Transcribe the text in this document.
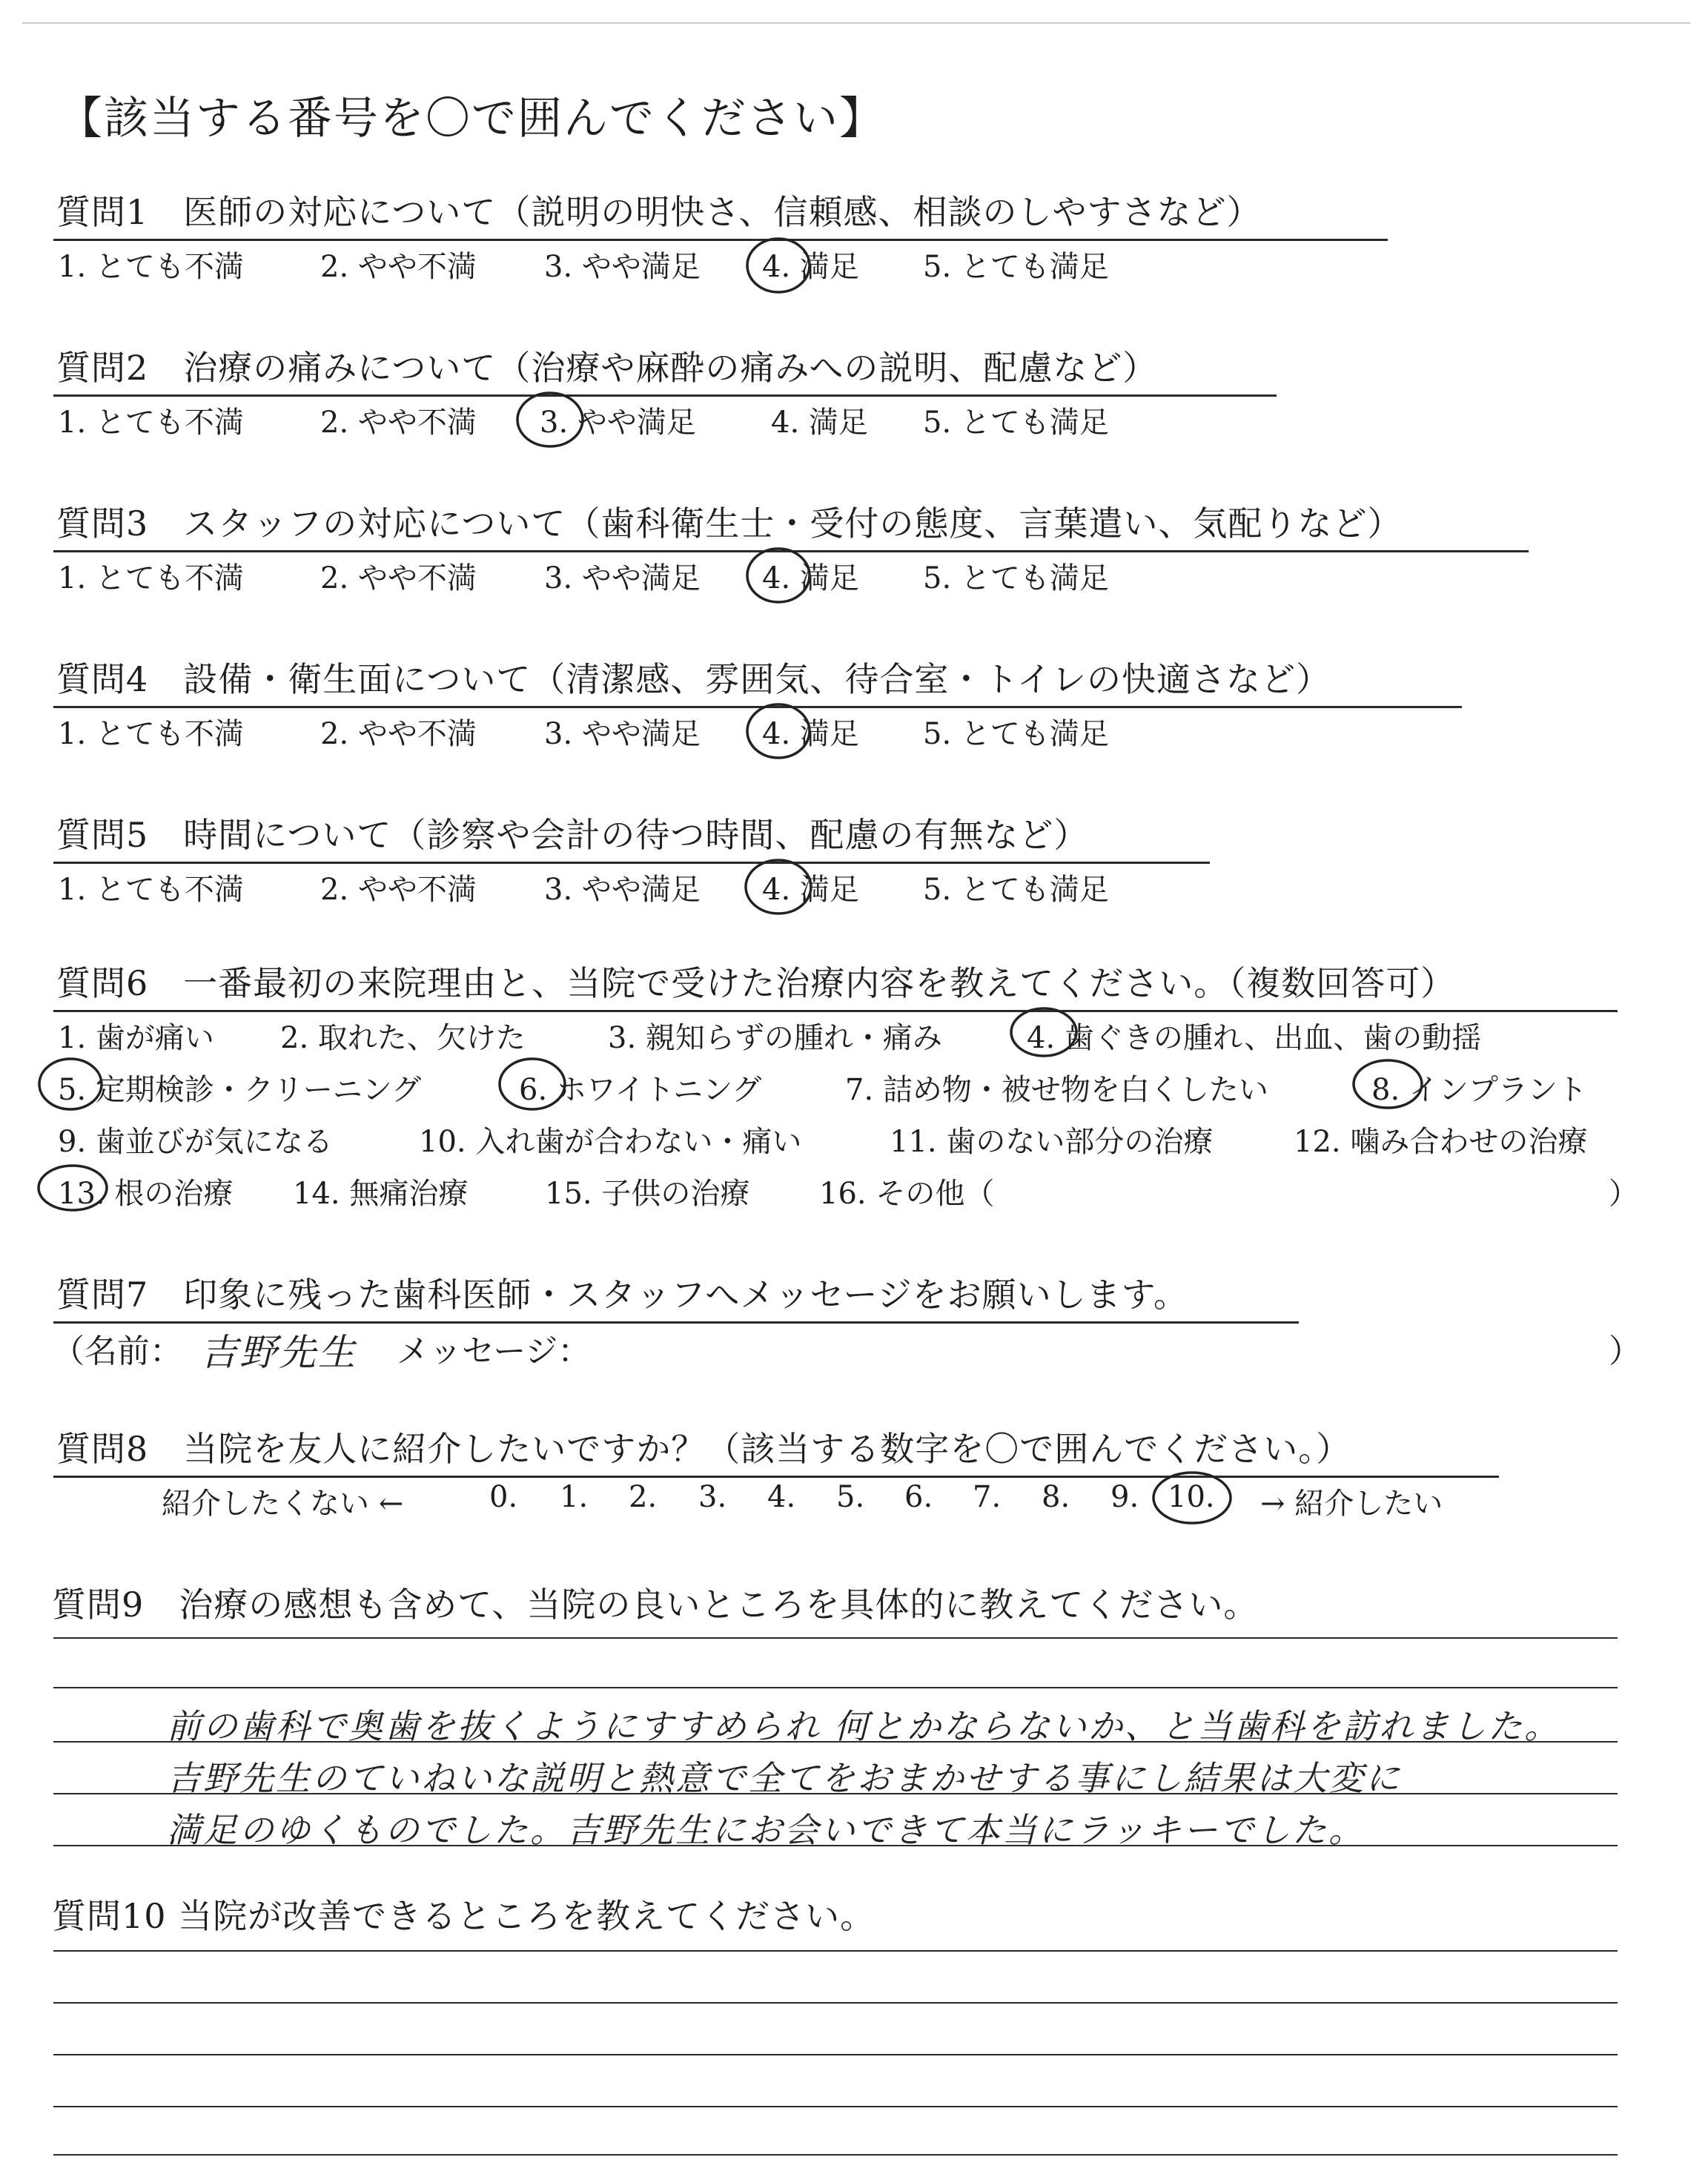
【該当する番号を〇で囲んでください】
質問1　医師の対応について（説明の明快さ、信頼感、相談のしやすさなど）
1. とても不満	2. やや不満 3. やや満足 4. 満足 5. とても満足
質問2　治療の痛みについて（治療や麻酔の痛みへの説明、配慮など）
1. とても不満	2. やや不満 3. やや満足	4. 満足 5. とても満足
質問3　スタッフの対応について（歯科衛生士・受付の態度、言葉遣い、気配りなど）
1. とても不満	2. やや不満 3. やや満足 4. 満足 5. とても満足
質問4　設備・衛生面について（清潔感、雰囲気、待合室・トイレの快適さなど）
1. とても不満	2. やや不満 3. やや満足 4. 満足 5. とても満足
質問5　時間について（診察や会計の待つ時間、配慮の有無など）
1. とても不満	2. やや不満 3. やや満足 4. 満足 5. とても満足
質問6　一番最初の来院理由と、当院で受けた治療内容を教えてください。（複数回答可）
1. 歯が痛い 2. 取れた、欠けた	3. 親知らずの腫れ・痛み	4. 歯ぐきの腫れ、出血、歯の動揺
5. 定期検診・クリーニング	6. ホワイトニング	7. 詰め物・被せ物を白くしたい	8. インプラント
9. 歯並びが気になる	10. 入れ歯が合わない・痛い	11. 歯のない部分の治療	12. 噛み合わせの治療
13. 根の治療 14. 無痛治療	15. 子供の治療 16. その他（	）
質問7　印象に残った歯科医師・スタッフへメッセージをお願いします。
（名前： 吉野先生 メッセージ：	）
質問8　当院を友人に紹介したいですか？（該当する数字を〇で囲んでください。）
紹介したくない ←	0. 1. 2. 3. 4. 5. 6. 7. 8. 9. 10. → 紹介したい
質問9　治療の感想も含めて、当院の良いところを具体的に教えてください。
前の歯科で奥歯を抜くようにすすめられ 何とかならないか、と当歯科を訪れました。
吉野先生のていねいな説明と熱意で全てをおまかせする事にし結果は大変に
満足のゆくものでした。吉野先生にお会いできて本当にラッキーでした。
質問10 当院が改善できるところを教えてください。
